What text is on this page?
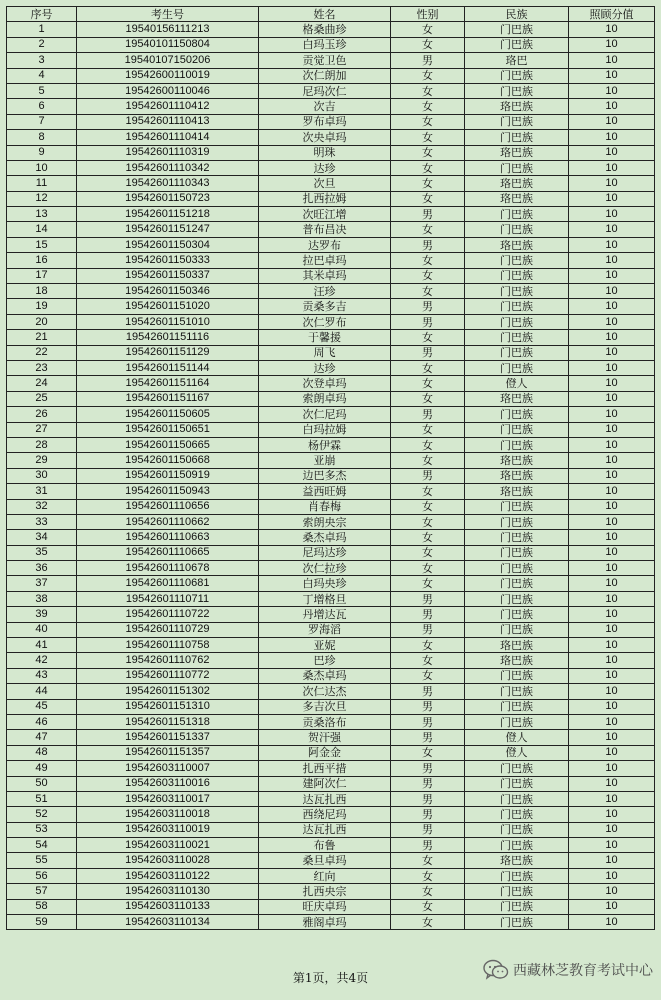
序号	考生号	姓名	性别	民族	照顾分值
1	19540156111213	格桑曲珍	女	门巴族	10
2	19540101150804	白玛玉珍	女	门巴族	10
3	19540107150206	贡觉卫色	男	珞巴	10
4	19542600110019	次仁朗加	女	门巴族	10
5	19542600110046	尼玛次仁	女	门巴族	10
6	19542601110412	次吉	女	珞巴族	10
7	19542601110413	罗布卓玛	女	门巴族	10
8	19542601110414	次央卓玛	女	门巴族	10
9	19542601110319	明珠	女	珞巴族	10
10	19542601110342	达珍	女	门巴族	10
11	19542601110343	次旦	女	珞巴族	10
12	19542601150723	扎西拉姆	女	珞巴族	10
13	19542601151218	次旺江增	男	门巴族	10
14	19542601151247	普布昌决	女	门巴族	10
15	19542601150304	达罗布	男	珞巴族	10
16	19542601150333	拉巴卓玛	女	门巴族	10
17	19542601150337	其米卓玛	女	门巴族	10
18	19542601150346	汪珍	女	门巴族	10
19	19542601151020	贡桑多吉	男	门巴族	10
20	19542601151010	次仁罗布	男	门巴族	10
21	19542601151116	于馨援	女	门巴族	10
22	19542601151129	周飞	男	门巴族	10
23	19542601151144	达珍	女	门巴族	10
24	19542601151164	次登卓玛	女	僜人	10
25	19542601151167	索朗卓玛	女	珞巴族	10
26	19542601150605	次仁尼玛	男	门巴族	10
27	19542601150651	白玛拉姆	女	门巴族	10
28	19542601150665	杨伊霖	女	门巴族	10
29	19542601150668	亚崩	女	珞巴族	10
30	19542601150919	边巴多杰	男	珞巴族	10
31	19542601150943	益西旺姆	女	珞巴族	10
32	19542601110656	肖春梅	女	门巴族	10
33	19542601110662	索朗央宗	女	门巴族	10
34	19542601110663	桑杰卓玛	女	门巴族	10
35	19542601110665	尼玛达珍	女	门巴族	10
36	19542601110678	次仁拉珍	女	门巴族	10
37	19542601110681	白玛央珍	女	门巴族	10
38	19542601110711	丁增格旦	男	门巴族	10
39	19542601110722	丹增达瓦	男	门巴族	10
40	19542601110729	罗海滔	男	门巴族	10
41	19542601110758	亚妮	女	珞巴族	10
42	19542601110762	巴珍	女	珞巴族	10
43	19542601110772	桑杰卓玛	女	门巴族	10
44	19542601151302	次仁达杰	男	门巴族	10
45	19542601151310	多吉次旦	男	门巴族	10
46	19542601151318	贡桑洛布	男	门巴族	10
47	19542601151337	贺汗强	男	僜人	10
48	19542601151357	阿金金	女	僜人	10
49	19542603110007	扎西平措	男	门巴族	10
50	19542603110016	建阿次仁	男	门巴族	10
51	19542603110017	达瓦扎西	男	门巴族	10
52	19542603110018	西绕尼玛	男	门巴族	10
53	19542603110019	达瓦扎西	男	门巴族	10
54	19542603110021	布鲁	男	门巴族	10
55	19542603110028	桑旦卓玛	女	珞巴族	10
56	19542603110122	红向	女	门巴族	10
57	19542603110130	扎西央宗	女	门巴族	10
58	19542603110133	旺庆卓玛	女	门巴族	10
59	19542603110134	雅阁卓玛	女	门巴族	10
第1页，共4页	西藏林芝教育考试中心
